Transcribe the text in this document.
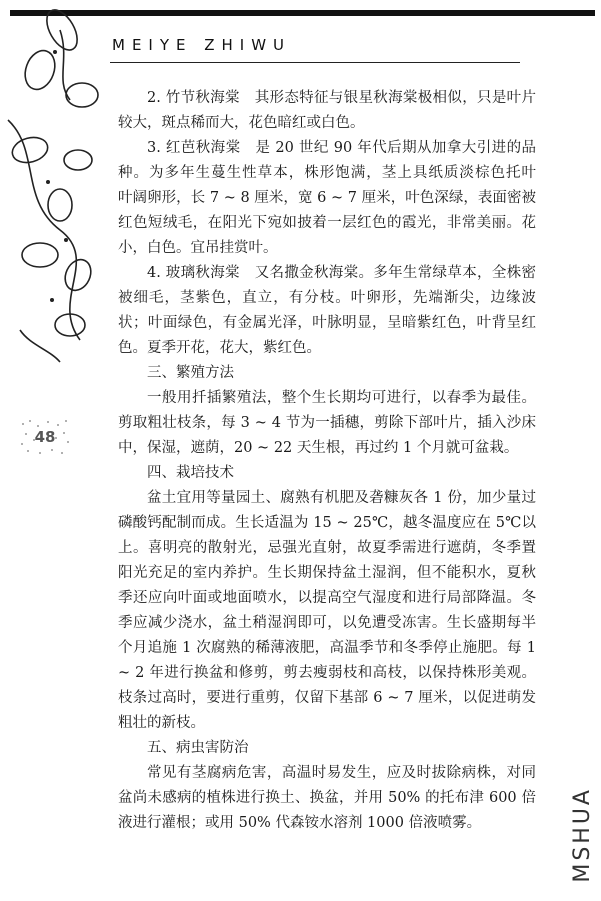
MEIYE ZHIWU
48

2. 竹节秋海棠　其形态特征与银星秋海棠极相似，只是叶片较大，斑点稀而大，花色暗红或白色。

3. 红芭秋海棠　是 20 世纪 90 年代后期从加拿大引进的品种。为多年生蔓生性草本，株形饱满，茎上具纸质淡棕色托叶　叶阔卵形，长 7 ~ 8 厘米，宽 6 ~ 7 厘米，叶色深绿，表面密被红色短绒毛，在阳光下宛如披着一层红色的霞光，非常美丽。花小，白色。宜吊挂赏叶。

4. 玻璃秋海棠　又名撒金秋海棠。多年生常绿草本，全株密被细毛，茎紫色，直立，有分枝。叶卵形，先端渐尖，边缘波状；叶面绿色，有金属光泽，叶脉明显，呈暗紫红色，叶背呈红色。夏季开花，花大，紫红色。

三、繁殖方法

一般用扦插繁殖法，整个生长期均可进行，以春季为最佳。剪取粗壮枝条，每 3 ~ 4 节为一插穗，剪除下部叶片，插入沙床中，保湿，遮荫，20 ~ 22 天生根，再过约 1 个月就可盆栽。

四、栽培技术

盆土宜用等量园土、腐熟有机肥及砻糠灰各 1 份，加少量过磷酸钙配制而成。生长适温为 15 ~ 25℃，越冬温度应在 5℃以上。喜明亮的散射光，忌强光直射，故夏季需进行遮荫，冬季置阳光充足的室内养护。生长期保持盆土湿润，但不能积水，夏秋季还应向叶面或地面喷水，以提高空气湿度和进行局部降温。冬季应减少浇水，盆土稍湿润即可，以免遭受冻害。生长盛期每半个月追施 1 次腐熟的稀薄液肥，高温季节和冬季停止施肥。每 1 ~ 2 年进行换盆和修剪，剪去瘦弱枝和高枝，以保持株形美观。枝条过高时，要进行重剪，仅留下基部 6 ~ 7 厘米，以促进萌发粗壮的新枝。

五、病虫害防治

常见有茎腐病危害，高温时易发生，应及时拔除病株，对同盆尚未感病的植株进行换土、换盆，并用 50% 的托布津 600 倍液进行灌根；或用 50% 代森铵水溶剂 1000 倍液喷雾。	MSHUA
